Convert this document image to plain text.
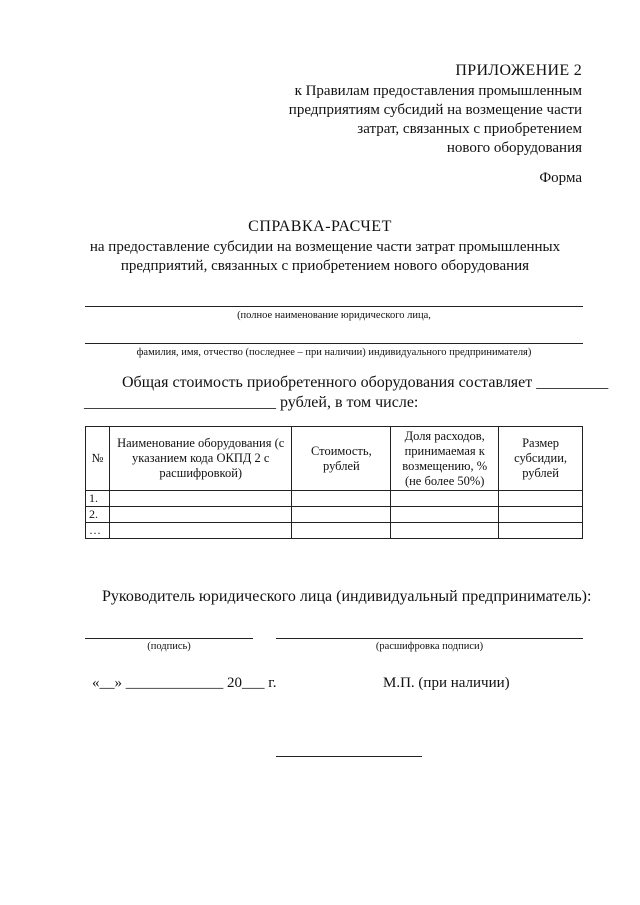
ПРИЛОЖЕНИЕ 2
к Правилам предоставления промышленным
предприятиям субсидий на возмещение части
затрат, связанных с приобретением
нового оборудования
Форма
СПРАВКА-РАСЧЕТ
на предоставление субсидии на возмещение части затрат промышленных
предприятий, связанных с приобретением нового оборудования
(полное наименование юридического лица,
фамилия, имя, отчество (последнее – при наличии) индивидуального предпринимателя)
Общая стоимость приобретенного оборудования составляет _________
________________________ рублей, в том числе:
№	Наименование оборудования (с указанием кода ОКПД 2 с расшифровкой)	Стоимость, рублей	Доля расходов, принимаемая к возмещению, % (не более 50%)	Размер субсидии, рублей
1.				
2.				
…				
Руководитель юридического лица (индивидуальный предприниматель):
(подпись)	(расшифровка подписи)
«__» _____________ 20___ г.	М.П. (при наличии)
